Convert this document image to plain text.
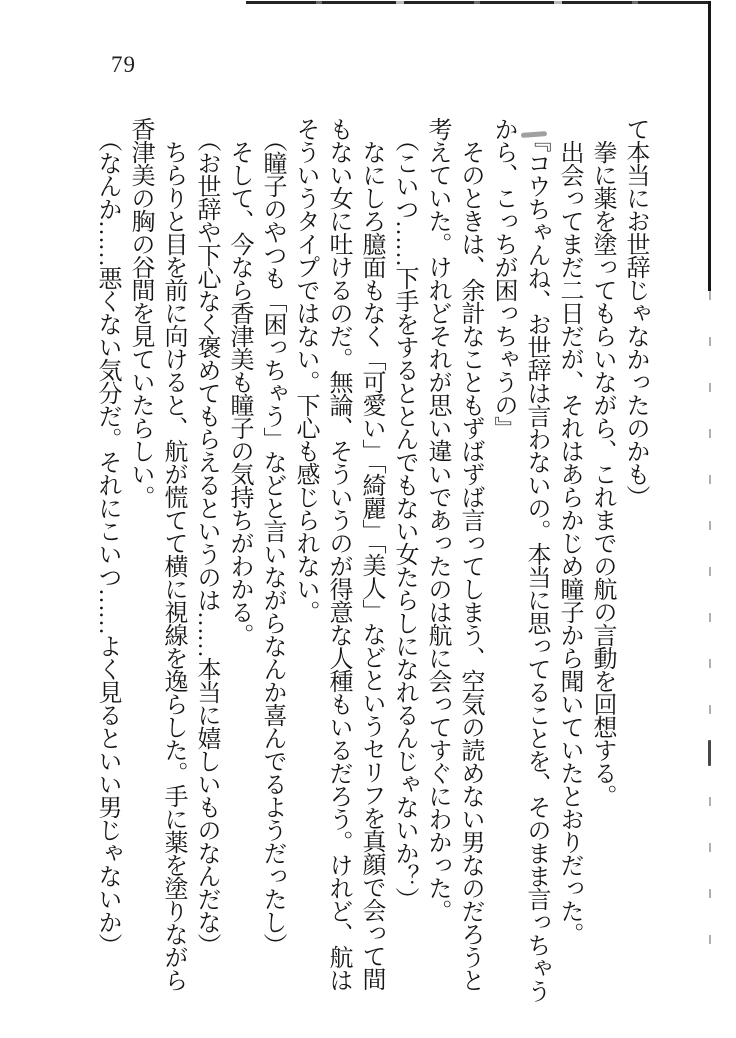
79

て本当にお世辞じゃなかったのかも）

　拳に薬を塗ってもらいながら、これまでの航の言動を回想する。

　出会ってまだ二日だが、それはあらかじめ瞳子から聞いていたとおりだった。

　『コウちゃんね、お世辞は言わないの。本当に思ってることを、そのまま言っちゃう

から、こっちが困っちゃうの』

　そのときは、余計なこともずばずば言ってしまう、空気の読めない男なのだろうと

考えていた。けれどそれが思い違いであったのは航に会ってすぐにわかった。

　（こいつ……下手をするととんでもない女たらしになれるんじゃないか？）

　なにしろ臆面もなく「可愛い」「綺麗」「美人」などというセリフを真顔で会って間

もない女に吐けるのだ。無論、そういうのが得意な人種もいるだろう。けれど、航は

そういうタイプではない。下心も感じられない。

　（瞳子のやつも「困っちゃう」などと言いながらなんか喜んでるようだったし）

　そして、今なら香津美も瞳子の気持ちがわかる。

　（お世辞や下心なく褒めてもらえるというのは……本当に嬉しいものなんだな）

　ちらりと目を前に向けると、航が慌てて横に視線を逸らした。手に薬を塗りながら

香津美の胸の谷間を見ていたらしい。

　（なんか……悪くない気分だ。それにこいつ……よく見るといい男じゃないか）
